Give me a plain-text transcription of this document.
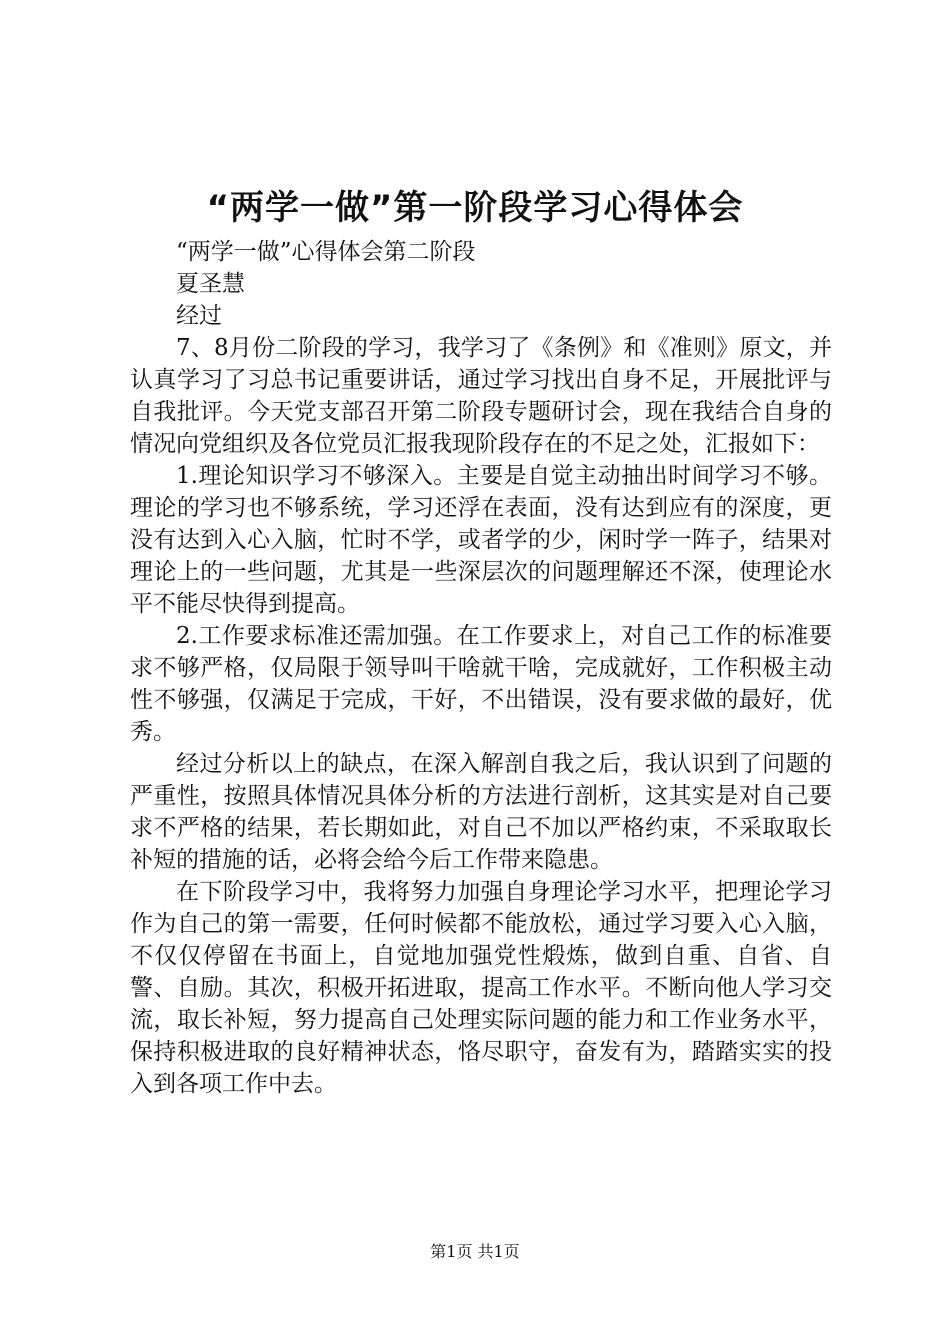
“两学一做”第一阶段学习心得体会

“两学一做”心得体会第二阶段

夏圣慧

经过

7、8月份二阶段的学习，我学习了《条例》和《准则》原文，并认真学习了习总书记重要讲话，通过学习找出自身不足，开展批评与自我批评。今天党支部召开第二阶段专题研讨会，现在我结合自身的情况向党组织及各位党员汇报我现阶段存在的不足之处，汇报如下：

1.理论知识学习不够深入。主要是自觉主动抽出时间学习不够。理论的学习也不够系统，学习还浮在表面，没有达到应有的深度，更没有达到入心入脑，忙时不学，或者学的少，闲时学一阵子，结果对理论上的一些问题，尤其是一些深层次的问题理解还不深，使理论水平不能尽快得到提高。

2.工作要求标准还需加强。在工作要求上，对自己工作的标准要求不够严格，仅局限于领导叫干啥就干啥，完成就好，工作积极主动性不够强，仅满足于完成，干好，不出错误，没有要求做的最好，优秀。

经过分析以上的缺点，在深入解剖自我之后，我认识到了问题的严重性，按照具体情况具体分析的方法进行剖析，这其实是对自己要求不严格的结果，若长期如此，对自己不加以严格约束，不采取取长补短的措施的话，必将会给今后工作带来隐患。

在下阶段学习中，我将努力加强自身理论学习水平，把理论学习作为自己的第一需要，任何时候都不能放松，通过学习要入心入脑，不仅仅停留在书面上，自觉地加强党性煅炼，做到自重、自省、自警、自励。其次，积极开拓进取，提高工作水平。不断向他人学习交流，取长补短，努力提高自己处理实际问题的能力和工作业务水平，保持积极进取的良好精神状态，恪尽职守，奋发有为，踏踏实实的投入到各项工作中去。

第1页 共1页
